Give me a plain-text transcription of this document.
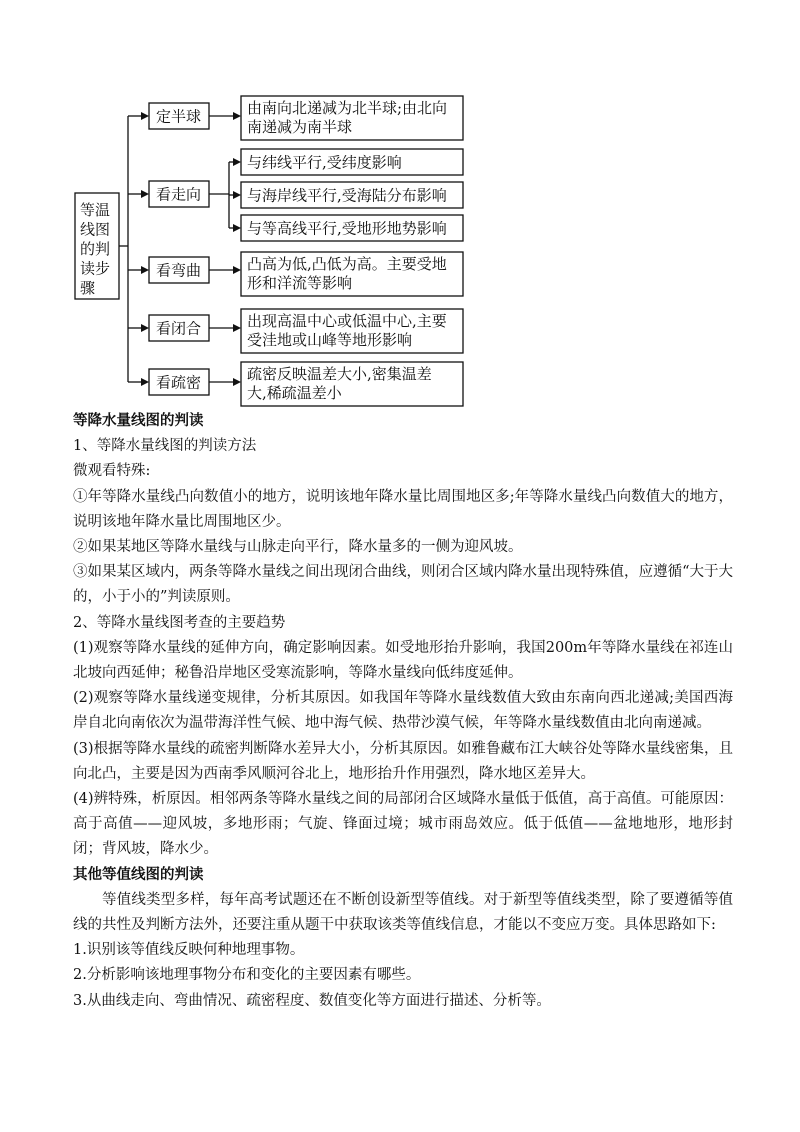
等温
线图
的判
读步
骤
定半球	由南向北递减为北半球;由北向
南递减为南半球
看走向
与纬线平行,受纬度影响
与海岸线平行,受海陆分布影响
与等高线平行,受地形地势影响
看弯曲	凸高为低,凸低为高。主要受地
形和洋流等影响
看闭合	出现高温中心或低温中心,主要
受洼地或山峰等地形影响
看疏密	疏密反映温差大小,密集温差
大,稀疏温差小

等降水量线图的判读

1、等降水量线图的判读方法

微观看特殊:

①年等降水量线凸向数值小的地方，说明该地年降水量比周围地区多;年等降水量线凸向数值大的地方，说明该地年降水量比周围地区少。

②如果某地区等降水量线与山脉走向平行，降水量多的一侧为迎风坡。

③如果某区域内，两条等降水量线之间出现闭合曲线，则闭合区域内降水量出现特殊值，应遵循“大于大的，小于小的”判读原则。

2、等降水量线图考查的主要趋势

(1)观察等降水量线的延伸方向，确定影响因素。如受地形抬升影响，我国200m年等降水量线在祁连山北坡向西延伸；秘鲁沿岸地区受寒流影响，等降水量线向低纬度延伸。

(2)观察等降水量线递变规律，分析其原因。如我国年等降水量线数值大致由东南向西北递减;美国西海岸自北向南依次为温带海洋性气候、地中海气候、热带沙漠气候，年等降水量线数值由北向南递减。

(3)根据等降水量线的疏密判断降水差异大小，分析其原因。如雅鲁藏布江大峡谷处等降水量线密集，且向北凸，主要是因为西南季风顺河谷北上，地形抬升作用强烈，降水地区差异大。

(4)辨特殊，析原因。相邻两条等降水量线之间的局部闭合区域降水量低于低值，高于高值。可能原因：高于高值——迎风坡，多地形雨；气旋、锋面过境；城市雨岛效应。低于低值——盆地地形，地形封闭；背风坡，降水少。

其他等值线图的判读

等值线类型多样，每年高考试题还在不断创设新型等值线。对于新型等值线类型，除了要遵循等值线的共性及判断方法外，还要注重从题干中获取该类等值线信息，才能以不变应万变。具体思路如下:

1.识别该等值线反映何种地理事物。

2.分析影响该地理事物分布和变化的主要因素有哪些。

3.从曲线走向、弯曲情况、疏密程度、数值变化等方面进行描述、分析等。
